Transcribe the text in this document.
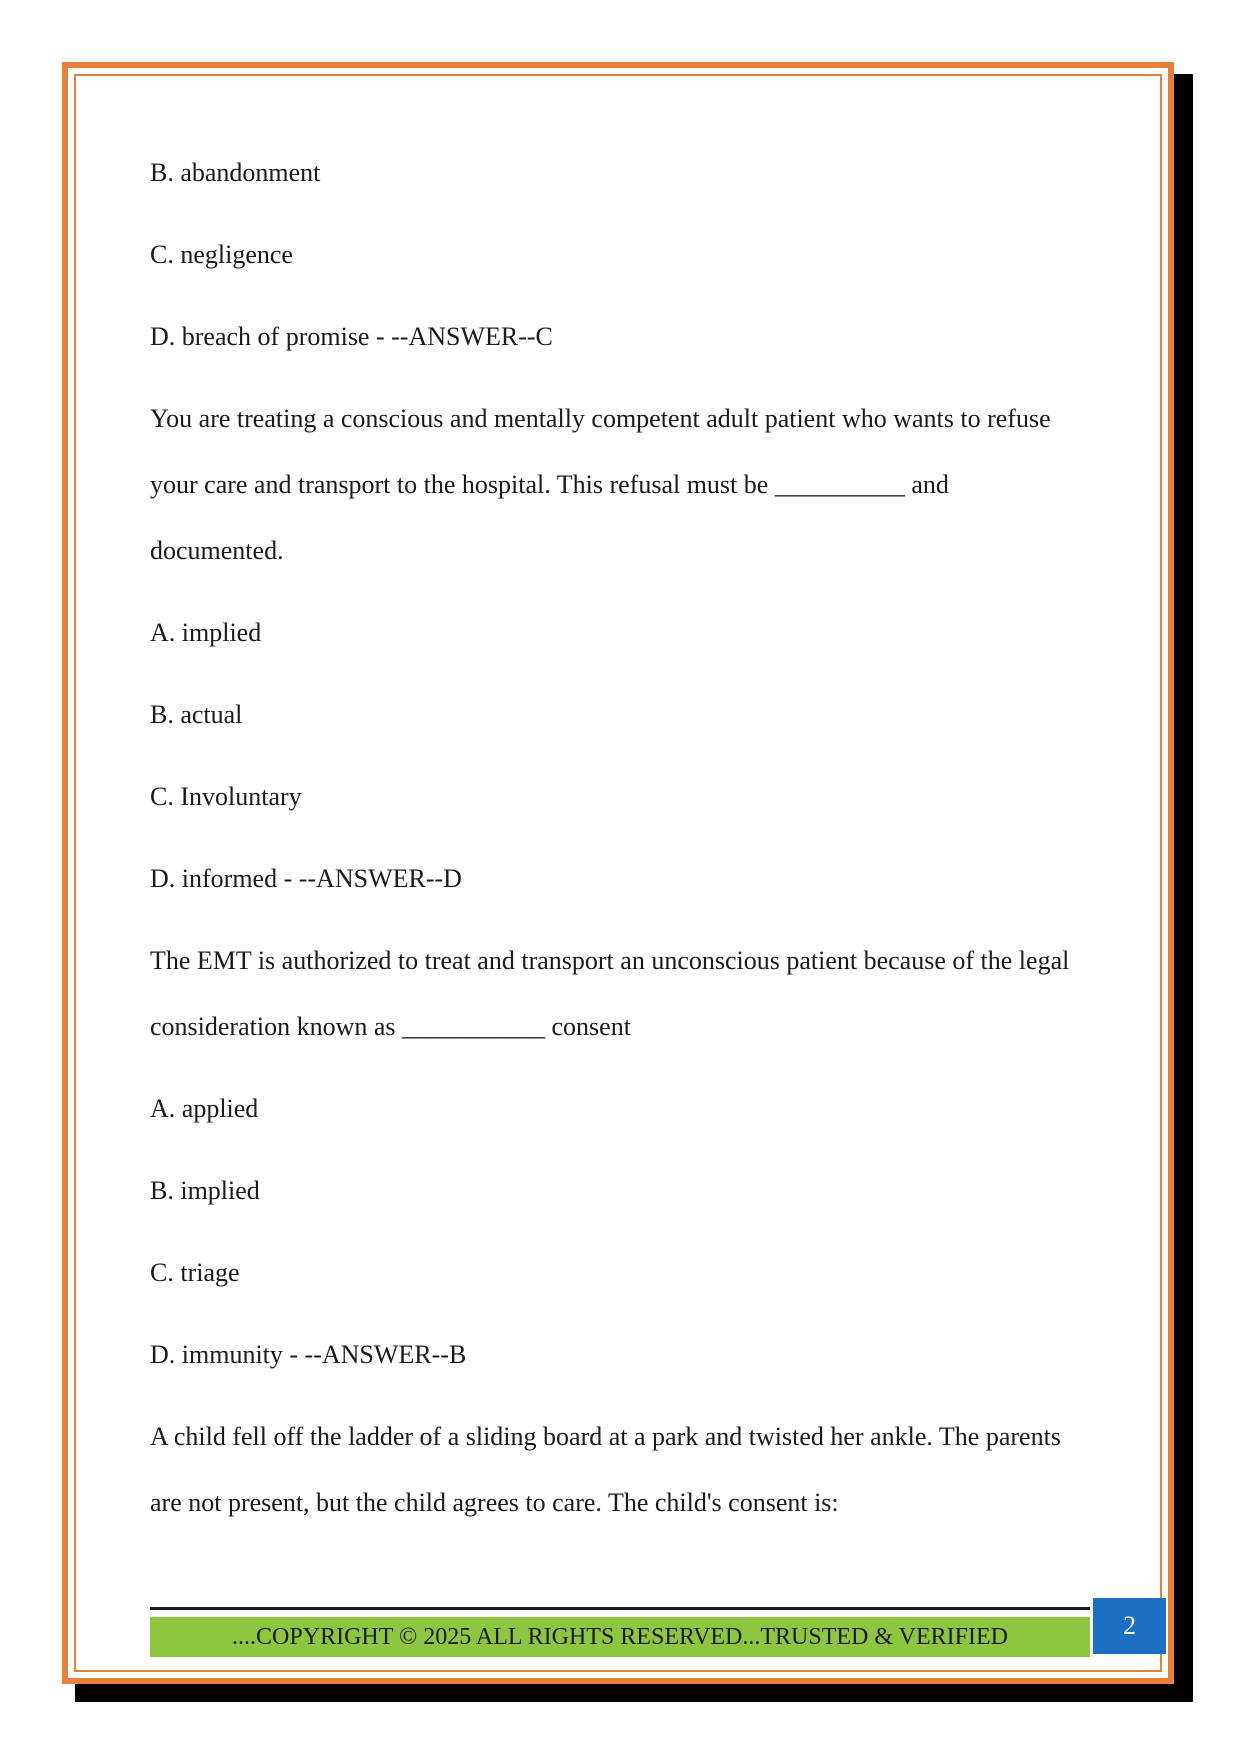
B. abandonment

C. negligence

D. breach of promise - --ANSWER--C

You are treating a conscious and mentally competent adult patient who wants to refuse your care and transport to the hospital. This refusal must be __________ and documented.

A. implied

B. actual

C. Involuntary

D. informed - --ANSWER--D

The EMT is authorized to treat and transport an unconscious patient because of the legal consideration known as ___________ consent

A. applied

B. implied

C. triage

D. immunity - --ANSWER--B

A child fell off the ladder of a sliding board at a park and twisted her ankle. The parents are not present, but the child agrees to care. The child's consent is:

....COPYRIGHT © 2025 ALL RIGHTS RESERVED...TRUSTED & VERIFIED	2
